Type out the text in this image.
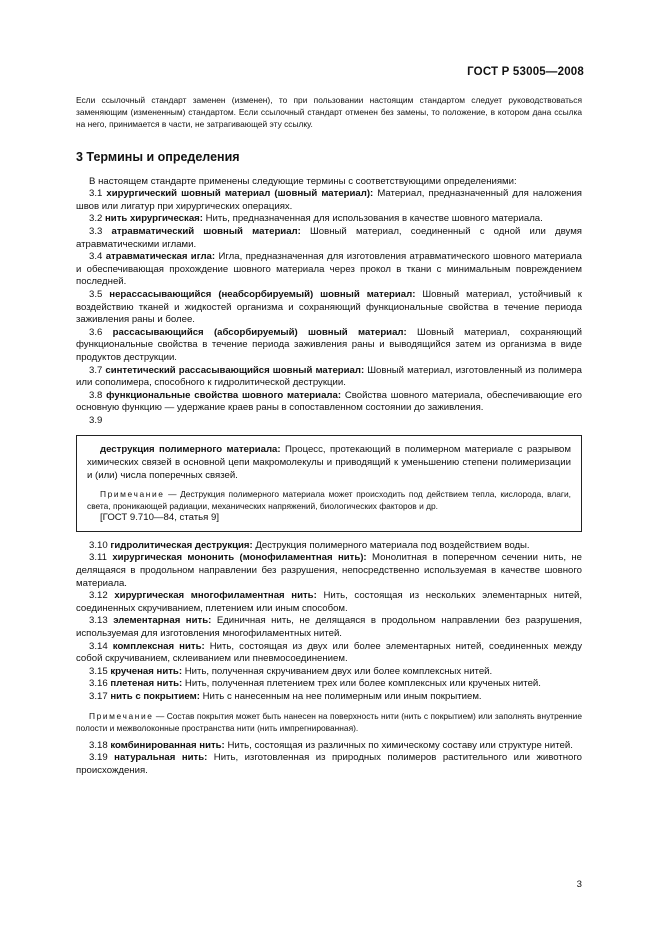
ГОСТ Р 53005—2008

Если ссылочный стандарт заменен (изменен), то при пользовании настоящим стандартом следует руководствоваться заменяющим (измененным) стандартом. Если ссылочный стандарт отменен без замены, то положение, в котором дана ссылка на него, принимается в части, не затрагивающей эту ссылку.

3 Термины и определения

В настоящем стандарте применены следующие термины с соответствующими определениями:

3.1 хирургический шовный материал (шовный материал): Материал, предназначенный для наложения швов или лигатур при хирургических операциях.

3.2 нить хирургическая: Нить, предназначенная для использования в качестве шовного материала.

3.3 атравматический шовный материал: Шовный материал, соединенный с одной или двумя атравматическими иглами.

3.4 атравматическая игла: Игла, предназначенная для изготовления атравматического шовного материала и обеспечивающая прохождение шовного материала через прокол в ткани с минимальным повреждением последней.

3.5 нерассасывающийся (неабсорбируемый) шовный материал: Шовный материал, устойчивый к воздействию тканей и жидкостей организма и сохраняющий функциональные свойства в течение периода заживления раны и более.

3.6 рассасывающийся (абсорбируемый) шовный материал: Шовный материал, сохраняющий функциональные свойства в течение периода заживления раны и выводящийся затем из организма в виде продуктов деструкции.

3.7 синтетический рассасывающийся шовный материал: Шовный материал, изготовленный из полимера или сополимера, способного к гидролитической деструкции.

3.8 функциональные свойства шовного материала: Свойства шовного материала, обеспечивающие его основную функцию — удержание краев раны в сопоставленном состоянии до заживления.

3.9

деструкция полимерного материала: Процесс, протекающий в полимерном материале с разрывом химических связей в основной цепи макромолекулы и приводящий к уменьшению степени полимеризации и (или) числа поперечных связей.

Примечание — Деструкция полимерного материала может происходить под действием тепла, кислорода, влаги, света, проникающей радиации, механических напряжений, биологических факторов и др.

[ГОСТ 9.710—84, статья 9]

3.10 гидролитическая деструкция: Деструкция полимерного материала под воздействием воды.

3.11 хирургическая мононить (монофиламентная нить): Монолитная в поперечном сечении нить, не делящаяся в продольном направлении без разрушения, непосредственно используемая в качестве шовного материала.

3.12 хирургическая многофиламентная нить: Нить, состоящая из нескольких элементарных нитей, соединенных скручиванием, плетением или иным способом.

3.13 элементарная нить: Единичная нить, не делящаяся в продольном направлении без разрушения, используемая для изготовления многофиламентных нитей.

3.14 комплексная нить: Нить, состоящая из двух или более элементарных нитей, соединенных между собой скручиванием, склеиванием или пневмосоединением.

3.15 крученая нить: Нить, полученная скручиванием двух или более комплексных нитей.

3.16 плетеная нить: Нить, полученная плетением трех или более комплексных или крученых нитей.

3.17 нить с покрытием: Нить с нанесенным на нее полимерным или иным покрытием.

Примечание — Состав покрытия может быть нанесен на поверхность нити (нить с покрытием) или заполнять внутренние полости и межволоконные пространства нити (нить импрегнированная).

3.18 комбинированная нить: Нить, состоящая из различных по химическому составу или структуре нитей.

3.19 натуральная нить: Нить, изготовленная из природных полимеров растительного или животного происхождения.

3
